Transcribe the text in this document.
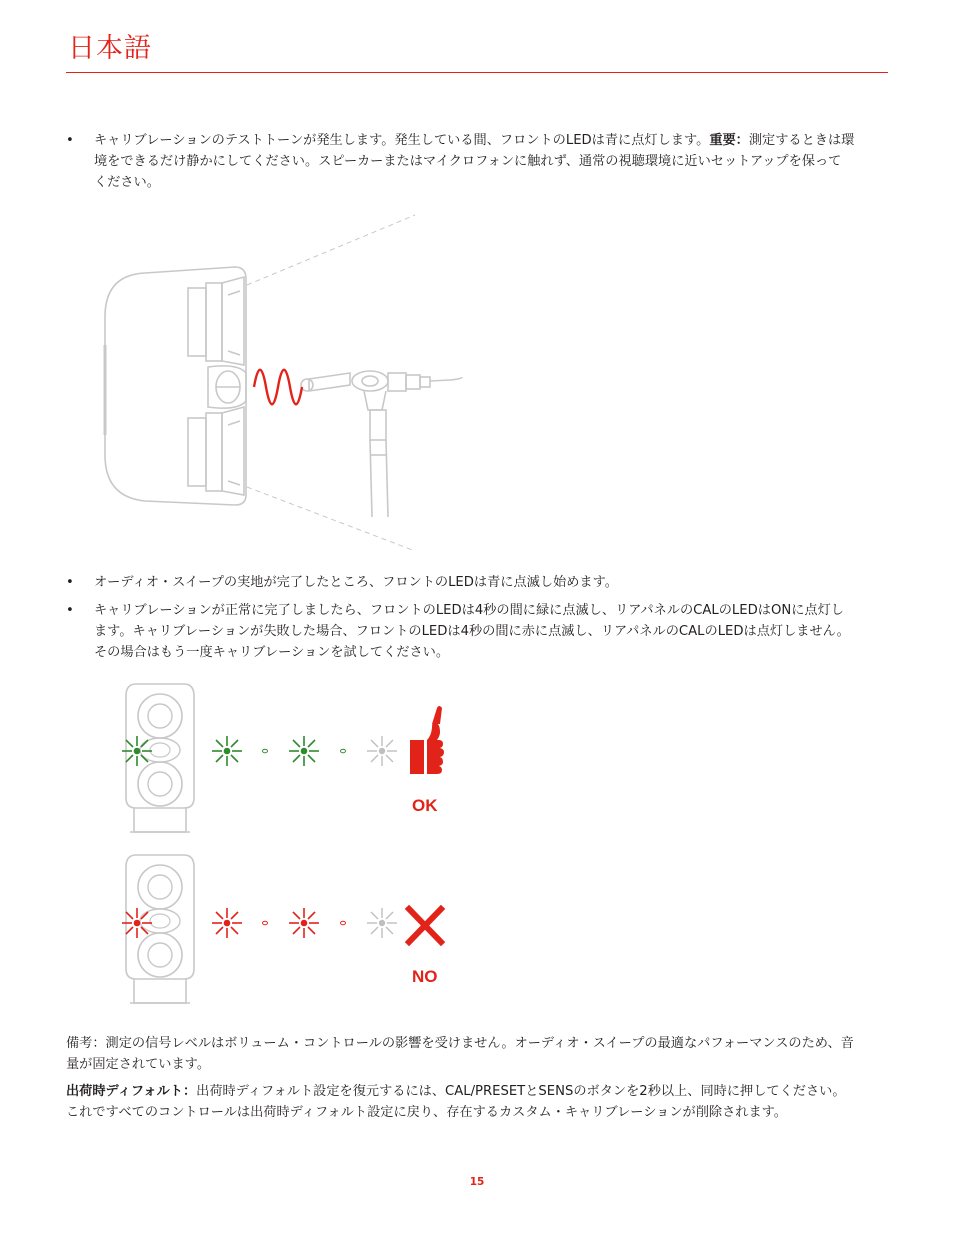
日本語
•	キャリブレーションのテストトーンが発生します。発生している間、フロントのLEDは青に点灯します。重要：測定するときは環
境をできるだけ静かにしてください。スピーカーまたはマイクロフォンに触れず、通常の視聴環境に近いセットアップを保って
ください。
•	オーディオ・スイープの実地が完了したところ、フロントのLEDは青に点滅し始めます。
•	キャリブレーションが正常に完了しましたら、フロントのLEDは4秒の間に緑に点滅し、リアパネルのCALのLEDはONに点灯し
ます。キャリブレーションが失敗した場合、フロントのLEDは4秒の間に赤に点滅し、リアパネルのCALのLEDは点灯しません。
その場合はもう一度キャリブレーションを試してください。
OK
NO
備考：測定の信号レベルはボリューム・コントロールの影響を受けません。オーディオ・スイープの最適なパフォーマンスのため、音
量が固定されています。
出荷時ディフォルト：出荷時ディフォルト設定を復元するには、CAL/PRESETとSENSのボタンを2秒以上、同時に押してください。
これですべてのコントロールは出荷時ディフォルト設定に戻り、存在するカスタム・キャリブレーションが削除されます。
15
